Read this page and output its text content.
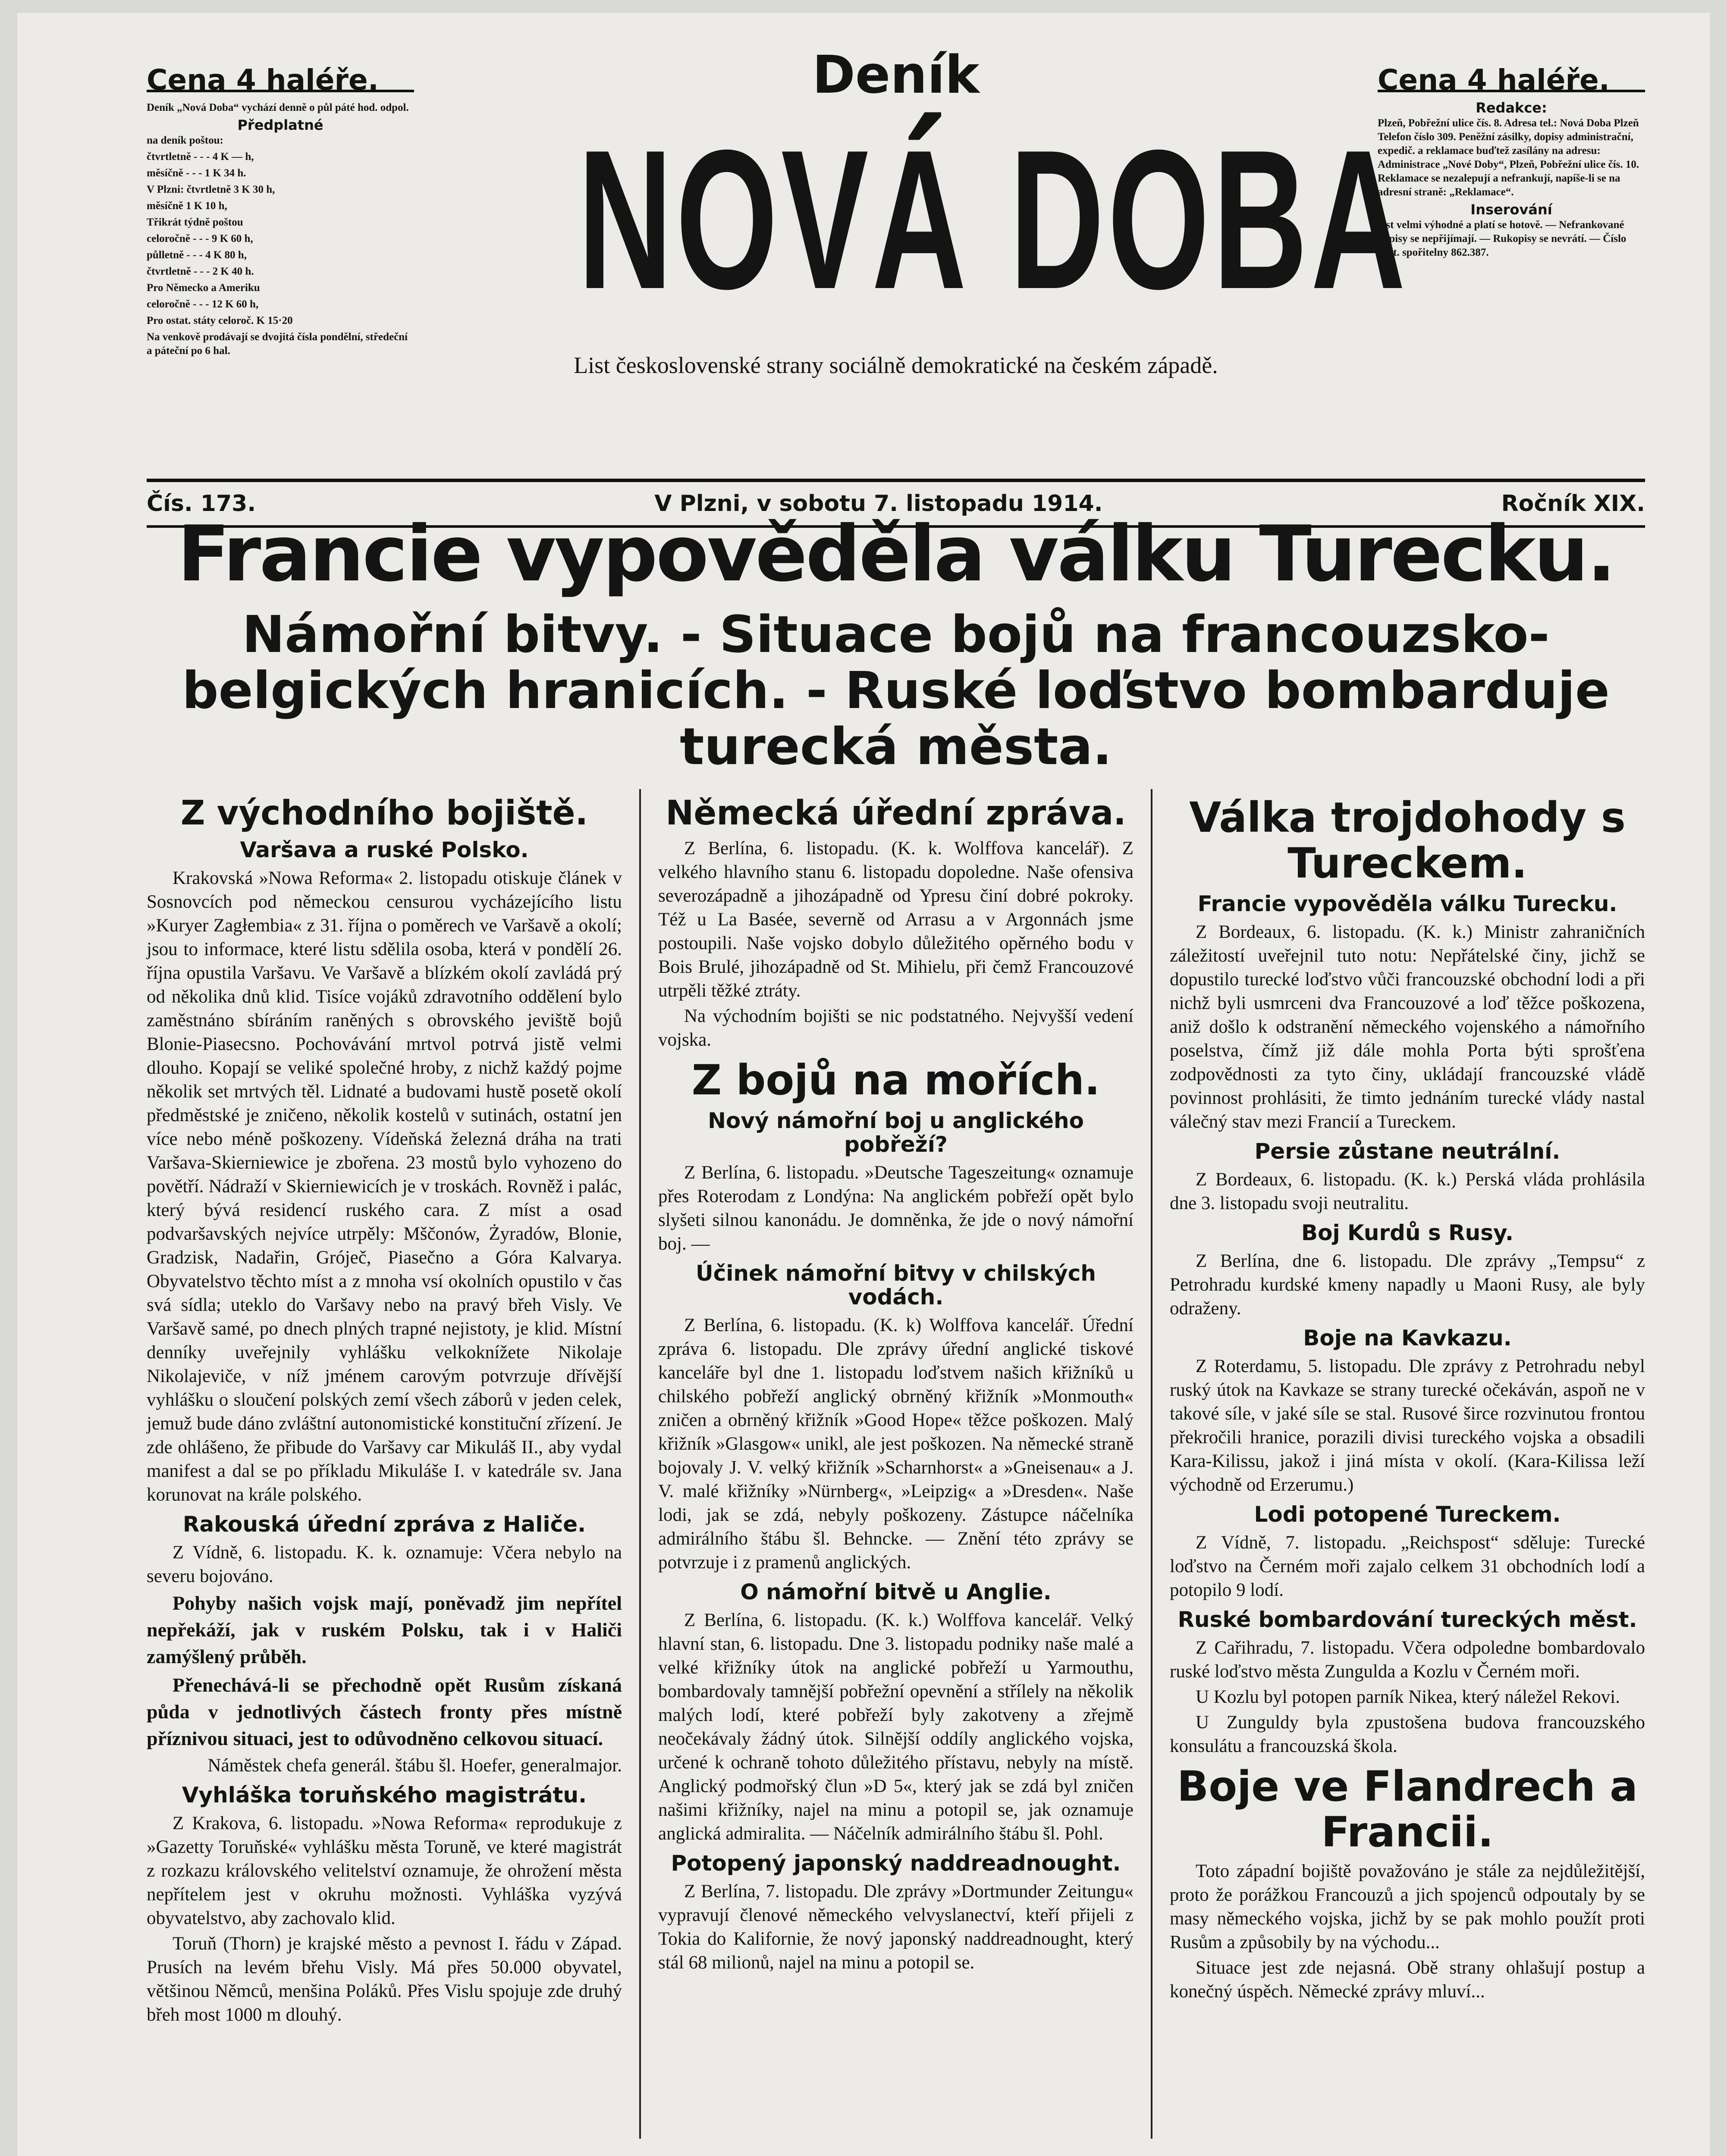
Cena 4 haléře.

Deník „Nová Doba“ vychází denně o půl páté hod. odpol.

Předplatné

na deník poštou:

čtvrtletně - - - 4 K — h,

měsíčně - - - 1 K 34 h.

V Plzni: čtvrtletně 3 K 30 h,

měsíčně 1 K 10 h,

Třikrát týdně poštou

celoročně - - - 9 K 60 h,

půlletně - - - 4 K 80 h,

čtvrtletně - - - 2 K 40 h.

Pro Německo a Ameriku

celoročně - - - 12 K 60 h,

Pro ostat. státy celoroč. K 15·20

Na venkově prodávají se dvojitá čísla pondělní, středeční a páteční po 6 hal.

Deník
NOVÁ DOBA
List československé strany sociálně demokratické na českém západě.
Cena 4 haléře.
Redakce:

Plzeň, Pobřežní ulice čís. 8. Adresa tel.: Nová Doba Plzeň Telefon číslo 309. Peněžní zásilky, dopisy administrační, expedič. a reklamace buďtež zasílány na adresu: Administrace „Nové Doby“, Plzeň, Pobřežní ulice čís. 10. Reklamace se nezalepují a nefrankují, napíše-li se na adresní straně: „Reklamace“.

Inserování

jest velmi výhodné a platí se hotově. — Nefrankované dopisy se nepřijímají. — Rukopisy se nevrátí. — Číslo pošt. spořitelny 862.387.

Čís. 173.	V Plzni, v sobotu 7. listopadu 1914.	Ročník XIX.
Francie vypověděla válku Turecku.
Námořní bitvy. - Situace bojů na francouzsko-belgických hranicích. - Ruské loďstvo bombarduje turecká města.
Z východního bojiště.
Varšava a ruské Polsko.

Krakovská »Nowa Reforma« 2. listopadu otiskuje článek v Sosnovcích pod německou censurou vycházejícího listu »Kuryer Zagłembia« z 31. října o poměrech ve Varšavě a okolí; jsou to informace, které listu sdělila osoba, která v pondělí 26. října opustila Varšavu. Ve Varšavě a blízkém okolí zavládá prý od několika dnů klid. Tisíce vojáků zdravotního oddělení bylo zaměstnáno sbíráním raněných s obrovského jeviště bojů Blonie-Piasecsno. Pochovávání mrtvol potrvá jistě velmi dlouho. Kopají se veliké společné hroby, z nichž každý pojme několik set mrtvých těl. Lidnaté a budovami hustě posetě okolí předměstské je zničeno, několik kostelů v sutinách, ostatní jen více nebo méně poškozeny. Vídeňská železná dráha na trati Varšava-Skierniewice je zbořena. 23 mostů bylo vyhozeno do povětří. Nádraží v Skierniewicích je v troskách. Rovněž i palác, který bývá residencí ruského cara. Z míst a osad podvaršavských nejvíce utrpěly: Mščonów, Żyradów, Blonie, Gradzisk, Nadařin, Gróječ, Piasečno a Góra Kalvarya. Obyvatelstvo těchto míst a z mnoha vsí okolních opustilo v čas svá sídla; uteklo do Varšavy nebo na pravý břeh Visly. Ve Varšavě samé, po dnech plných trapné nejistoty, je klid. Místní denníky uveřejnily vyhlášku velkoknížete Nikolaje Nikolajeviče, v níž jménem carovým potvrzuje dřívější vyhlášku o sloučení polských zemí všech záborů v jeden celek, jemuž bude dáno zvláštní autonomistické konstituční zřízení. Je zde ohlášeno, že přibude do Varšavy car Mikuláš II., aby vydal manifest a dal se po příkladu Mikuláše I. v katedrále sv. Jana korunovat na krále polského.

Rakouská úřední zpráva z Haliče.

Z Vídně, 6. listopadu. K. k. oznamuje: Včera nebylo na severu bojováno.

Pohyby našich vojsk mají, poněvadž jim nepřítel nepřekáží, jak v ruském Polsku, tak i v Haliči zamýšlený průběh.

Přenechává-li se přechodně opět Rusům získaná půda v jednotlivých částech fronty přes místně příznivou situaci, jest to odůvodněno celkovou situací.

Náměstek chefa generál. štábu šl. Hoefer, generalmajor.

Vyhláška toruňského magistrátu.

Z Krakova, 6. listopadu. »Nowa Reforma« reprodukuje z »Gazetty Toruňské« vyhlášku města Toruně, ve které magistrát z rozkazu královského velitelství oznamuje, že ohrožení města nepřítelem jest v okruhu možnosti. Vyhláška vyzývá obyvatelstvo, aby zachovalo klid.

Toruň (Thorn) je krajské město a pevnost I. řádu v Západ. Prusích na levém břehu Visly. Má přes 50.000 obyvatel, většinou Němců, menšina Poláků. Přes Vislu spojuje zde druhý břeh most 1000 m dlouhý.

Německá úřední zpráva.

Z Berlína, 6. listopadu. (K. k. Wolffova kancelář). Z velkého hlavního stanu 6. listopadu dopoledne. Naše ofensiva severozápadně a jihozápadně od Ypresu činí dobré pokroky. Též u La Basée, severně od Arrasu a v Argonnách jsme postoupili. Naše vojsko dobylo důležitého opěrného bodu v Bois Brulé, jihozápadně od St. Mihielu, při čemž Francouzové utrpěli těžké ztráty.

Na východním bojišti se nic podstatného. Nejvyšší vedení vojska.

Z bojů na mořích.
Nový námořní boj u anglického pobřeží?

Z Berlína, 6. listopadu. »Deutsche Tageszeitung« oznamuje přes Roterodam z Londýna: Na anglickém pobřeží opět bylo slyšeti silnou kanonádu. Je domněnka, že jde o nový námořní boj. —

Účinek námořní bitvy v chilských vodách.

Z Berlína, 6. listopadu. (K. k) Wolffova kancelář. Úřední zpráva 6. listopadu. Dle zprávy úřední anglické tiskové kanceláře byl dne 1. listopadu loďstvem našich křižníků u chilského pobřeží anglický obrněný křižník »Monmouth« zničen a obrněný křižník »Good Hope« těžce poškozen. Malý křižník »Glasgow« unikl, ale jest poškozen. Na německé straně bojovaly J. V. velký křižník »Scharnhorst« a »Gneisenau« a J. V. malé křižníky »Nürnberg«, »Leipzig« a »Dresden«. Naše lodi, jak se zdá, nebyly poškozeny. Zástupce náčelníka admirálního štábu šl. Behncke. — Znění této zprávy se potvrzuje i z pramenů anglických.

O námořní bitvě u Anglie.

Z Berlína, 6. listopadu. (K. k.) Wolffova kancelář. Velký hlavní stan, 6. listopadu. Dne 3. listopadu podniky naše malé a velké křižníky útok na anglické pobřeží u Yarmouthu, bombardovaly tamnější pobřežní opevnění a střílely na několik malých lodí, které pobřeží byly zakotveny a zřejmě neočekávaly žádný útok. Silnější oddíly anglického vojska, určené k ochraně tohoto důležitého přístavu, nebyly na místě. Anglický podmořský člun »D 5«, který jak se zdá byl zničen našimi křižníky, najel na minu a potopil se, jak oznamuje anglická admiralita. — Náčelník admirálního štábu šl. Pohl.

Potopený japonský naddreadnought.

Z Berlína, 7. listopadu. Dle zprávy »Dortmunder Zeitungu« vypravují členové německého velvyslanectví, kteří přijeli z Tokia do Kalifornie, že nový japonský naddreadnought, který stál 68 milionů, najel na minu a potopil se.

Válka trojdohody s Tureckem.
Francie vypověděla válku Turecku.

Z Bordeaux, 6. listopadu. (K. k.) Ministr zahraničních záležitostí uveřejnil tuto notu: Nepřátelské činy, jichž se dopustilo turecké loďstvo vůči francouzské obchodní lodi a při nichž byli usmrceni dva Francouzové a loď těžce poškozena, aniž došlo k odstranění německého vojenského a námořního poselstva, čímž již dále mohla Porta býti sprošťena zodpovědnosti za tyto činy, ukládají francouzské vládě povinnost prohlásiti, že timto jednáním turecké vlády nastal válečný stav mezi Francií a Tureckem.

Persie zůstane neutrální.

Z Bordeaux, 6. listopadu. (K. k.) Perská vláda prohlásila dne 3. listopadu svoji neutralitu.

Boj Kurdů s Rusy.

Z Berlína, dne 6. listopadu. Dle zprávy „Tempsu“ z Petrohradu kurdské kmeny napadly u Maoni Rusy, ale byly odraženy.

Boje na Kavkazu.

Z Roterdamu, 5. listopadu. Dle zprávy z Petrohradu nebyl ruský útok na Kavkaze se strany turecké očekáván, aspoň ne v takové síle, v jaké síle se stal. Rusové širce rozvinutou frontou překročili hranice, porazili divisi tureckého vojska a obsadili Kara-Kilissu, jakož i jiná místa v okolí. (Kara-Kilissa leží východně od Erzerumu.)

Lodi potopené Tureckem.

Z Vídně, 7. listopadu. „Reichspost“ sděluje: Turecké loďstvo na Černém moři zajalo celkem 31 obchodních lodí a potopilo 9 lodí.

Ruské bombardování tureckých měst.

Z Cařihradu, 7. listopadu. Včera odpoledne bombardovalo ruské loďstvo města Zungulda a Kozlu v Černém moři.

U Kozlu byl potopen parník Nikea, který náležel Rekovi.

U Zunguldy byla zpustošena budova francouzského konsulátu a francouzská škola.

Boje ve Flandrech a Francii.

Toto západní bojiště považováno je stále za nejdůležitější, proto že porážkou Francouzů a jich spojenců odpoutaly by se masy německého vojska, jichž by se pak mohlo použít proti Rusům a způsobily by na východu...

Situace jest zde nejasná. Obě strany ohlašují postup a konečný úspěch. Německé zprávy mluví...
